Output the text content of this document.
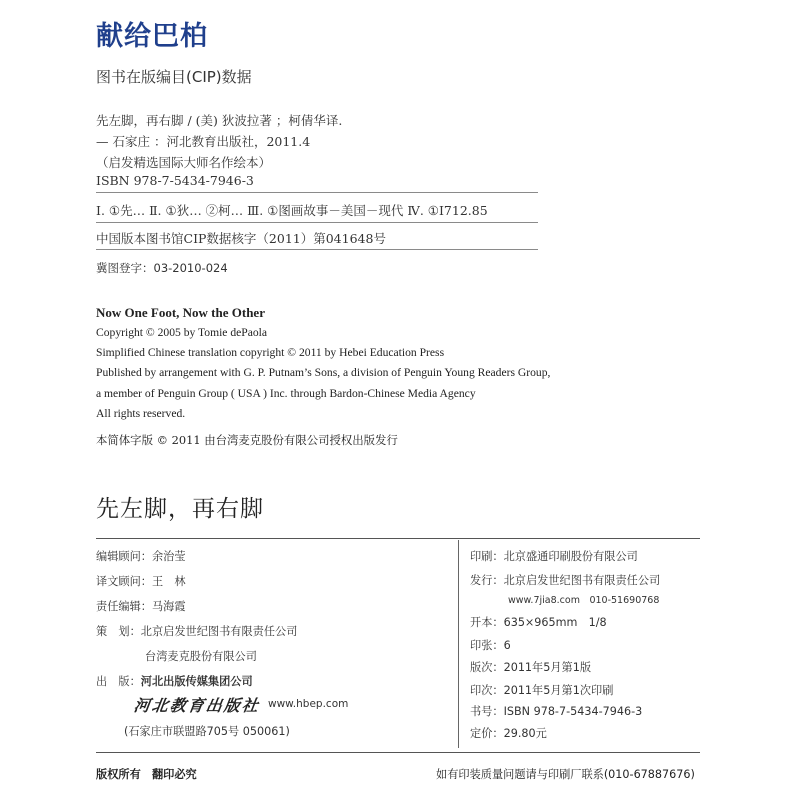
献给巴柏
图书在版编目(CIP)数据
先左脚，再右脚 / (美) 狄波拉著 ；柯倩华译.
— 石家庄 ：河北教育出版社，2011.4
（启发精选国际大师名作绘本）
ISBN 978-7-5434-7946-3
Ⅰ. ①先… Ⅱ. ①狄… ②柯… Ⅲ. ①图画故事－美国－现代 Ⅳ. ①I712.85
中国版本图书馆CIP数据核字（2011）第041648号
冀图登字：03-2010-024
Now One Foot, Now the Other
Copyright © 2005 by Tomie dePaola
Simplified Chinese translation copyright © 2011 by Hebei Education Press
Published by arrangement with G. P. Putnam’s Sons, a division of Penguin Young Readers Group,
a member of Penguin Group ( USA ) Inc. through Bardon-Chinese Media Agency
All rights reserved.
本简体字版 © 2011 由台湾麦克股份有限公司授权出版发行
先左脚，再右脚
编辑顾问：余治莹
译文顾问：王　林
责任编辑：马海霞
策　划：北京启发世纪图书有限责任公司
台湾麦克股份有限公司
出　版：河北出版传媒集团公司
河北教育出版社 www.hbep.com
(石家庄市联盟路705号 050061)
印刷：北京盛通印刷股份有限公司
发行：北京启发世纪图书有限责任公司
www.7jia8.com　010-51690768
开本：635×965mm　1/8
印张：6
版次：2011年5月第1版
印次：2011年5月第1次印刷
书号：ISBN 978-7-5434-7946-3
定价：29.80元
版权所有　翻印必究	如有印装质量问题请与印刷厂联系(010-67887676)
